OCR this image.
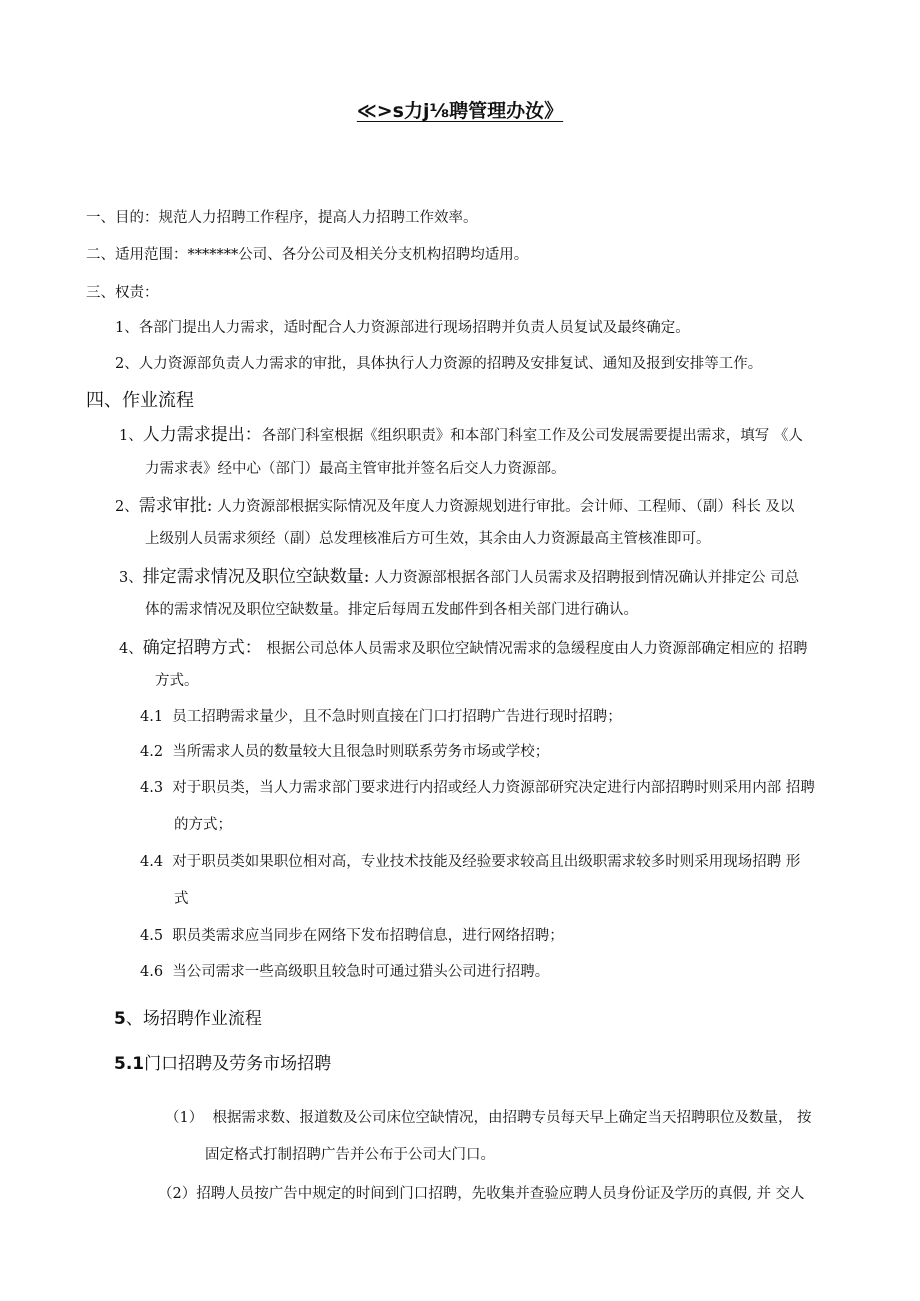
≪>s力j⅛聘管理办汝》
一、目的：规范人力招聘工作程序，提高人力招聘工作效率。
二、适用范围：*******公司、各分公司及相关分支机构招聘均适用。
三、权责：
1、各部门提出人力需求，适时配合人力资源部进行现场招聘并负责人员复试及最终确定。
2、人力资源部负责人力需求的审批，具体执行人力资源的招聘及安排复试、通知及报到安排等工作。
四、作业流程
1、人力需求提出：各部门科室根据《组织职责》和本部门科室工作及公司发展需要提出需求，填写 《人
力需求表》经中心（部门）最高主管审批并签名后交人力资源部。
2、需求审批: 人力资源部根据实际情况及年度人力资源规划进行审批。会计师、工程师、（副）科长 及以
上级别人员需求须经（副）总发理核准后方可生效，其余由人力资源最高主管核准即可。
3、排定需求情况及职位空缺数量: 人力资源部根据各部门人员需求及招聘报到情况确认并排定公 司总
体的需求情况及职位空缺数量。排定后每周五发邮件到各相关部门进行确认。
4、确定招聘方式： 根据公司总体人员需求及职位空缺情况需求的急缓程度由人力资源部确定相应的 招聘
方式。
4.1 员工招聘需求量少，且不急时则直接在门口打招聘广告进行现时招聘；
4.2 当所需求人员的数量较大且很急时则联系劳务市场或学校；
4.3 对于职员类，当人力需求部门要求进行内招或经人力资源部研究决定进行内部招聘时则采用内部 招聘
的方式；
4.4 对于职员类如果职位相对高，专业技术技能及经验要求较高且出级职需求较多时则采用现场招聘 形
式
4.5 职员类需求应当同步在网络下发布招聘信息，进行网络招聘；
4.6 当公司需求一些高级职且较急时可通过猎头公司进行招聘。
5、场招聘作业流程
5.1门口招聘及劳务市场招聘
（1） 根据需求数、报道数及公司床位空缺情况，由招聘专员每天早上确定当天招聘职位及数量， 按
固定格式打制招聘广告并公布于公司大门口。
（2）招聘人员按广告中规定的时间到门口招聘，先收集并查验应聘人员身份证及学历的真假, 并 交人
